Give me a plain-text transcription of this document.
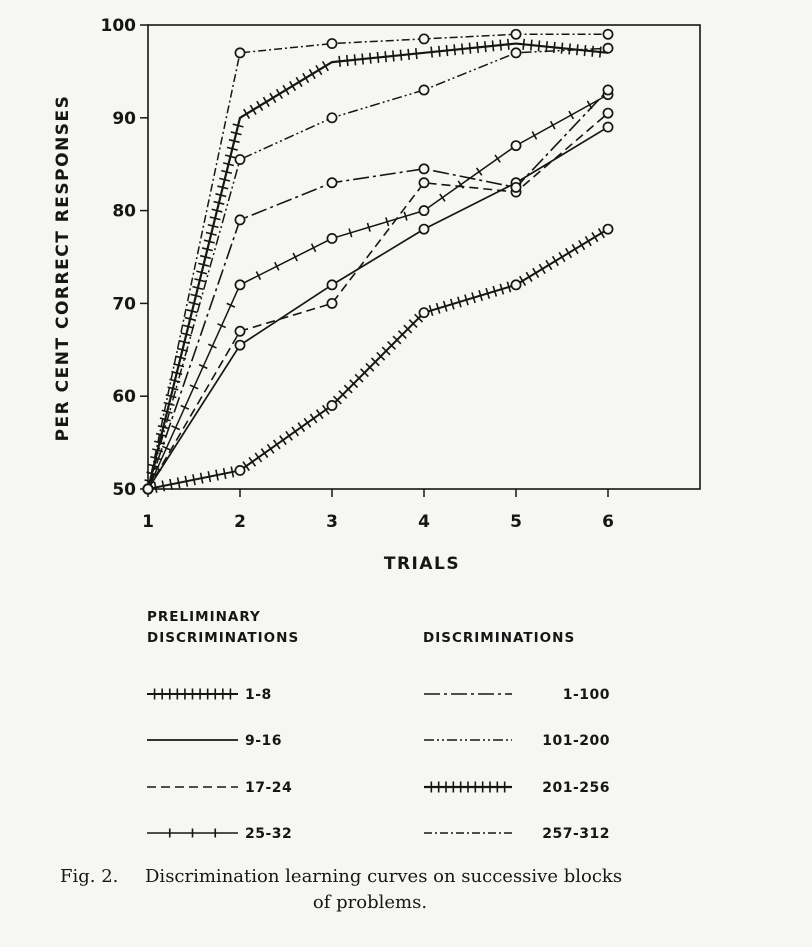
1	2	3	4	5	6
50
60
70
80
90
100
PER CENT CORRECT RESPONSES
TRIALS
PRELIMINARY
DISCRIMINATIONS	DISCRIMINATIONS
1-8
9-16
17-24
25-32
1-100
101-200
201-256
257-312
Fig. 2. Discrimination learning curves on successive blocks
of problems.
